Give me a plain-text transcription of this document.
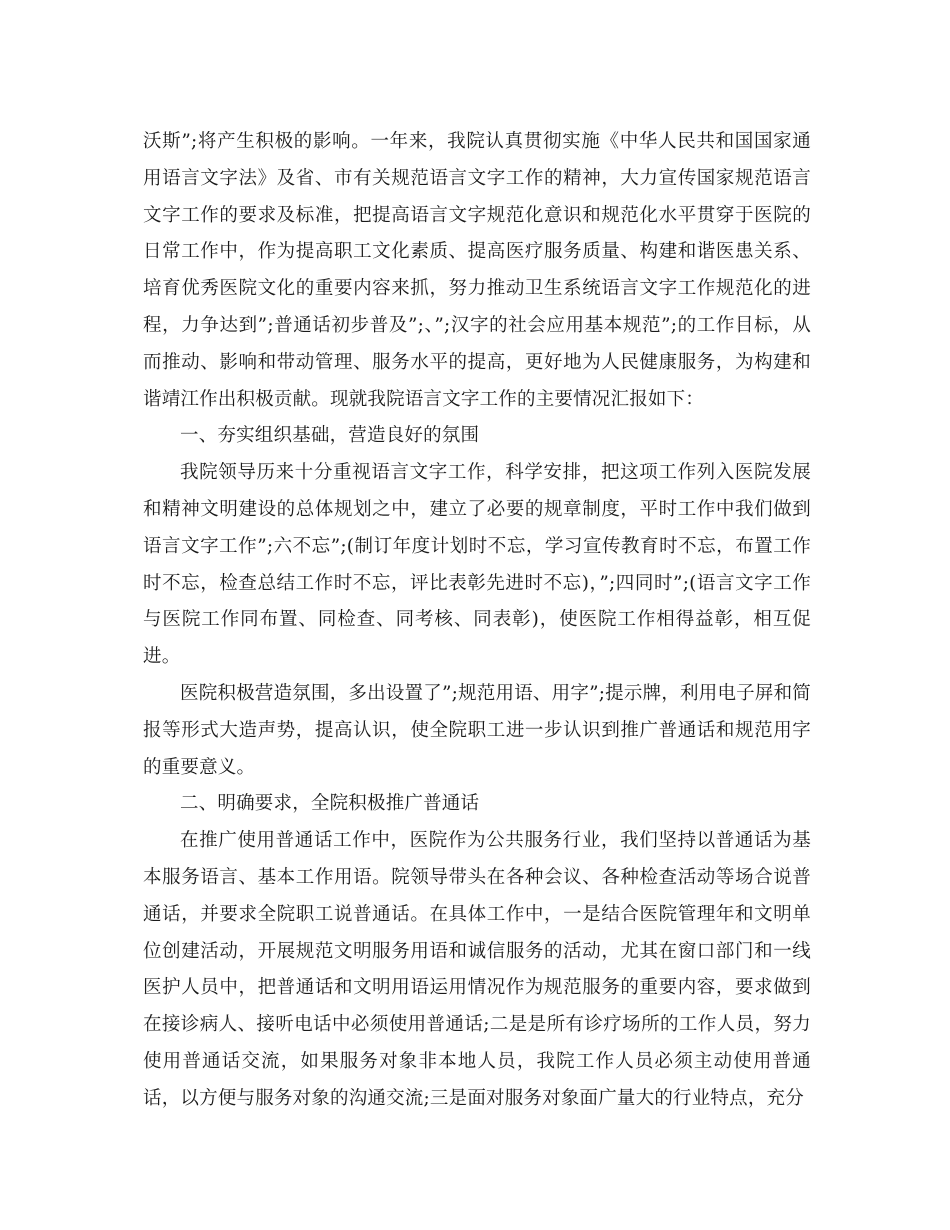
沃斯”;将产生积极的影响。一年来，我院认真贯彻实施《中华人民共和国国家通用语言文字法》及省、市有关规范语言文字工作的精神，大力宣传国家规范语言文字工作的要求及标准，把提高语言文字规范化意识和规范化水平贯穿于医院的日常工作中，作为提高职工文化素质、提高医疗服务质量、构建和谐医患关系、培育优秀医院文化的重要内容来抓，努力推动卫生系统语言文字工作规范化的进程，力争达到”;普通话初步普及”;、”;汉字的社会应用基本规范”;的工作目标，从而推动、影响和带动管理、服务水平的提高，更好地为人民健康服务，为构建和谐靖江作出积极贡献。现就我院语言文字工作的主要情况汇报如下：

一、夯实组织基础，营造良好的氛围

我院领导历来十分重视语言文字工作，科学安排，把这项工作列入医院发展和精神文明建设的总体规划之中，建立了必要的规章制度，平时工作中我们做到语言文字工作”;六不忘”;(制订年度计划时不忘，学习宣传教育时不忘，布置工作时不忘，检查总结工作时不忘，评比表彰先进时不忘)，”;四同时”;(语言文字工作与医院工作同布置、同检查、同考核、同表彰)，使医院工作相得益彰，相互促进。

医院积极营造氛围，多出设置了”;规范用语、用字”;提示牌，利用电子屏和简报等形式大造声势，提高认识，使全院职工进一步认识到推广普通话和规范用字的重要意义。

二、明确要求，全院积极推广普通话

在推广使用普通话工作中，医院作为公共服务行业，我们坚持以普通话为基本服务语言、基本工作用语。院领导带头在各种会议、各种检查活动等场合说普通话，并要求全院职工说普通话。在具体工作中，一是结合医院管理年和文明单位创建活动，开展规范文明服务用语和诚信服务的活动，尤其在窗口部门和一线医护人员中，把普通话和文明用语运用情况作为规范服务的重要内容，要求做到在接诊病人、接听电话中必须使用普通话;二是是所有诊疗场所的工作人员，努力使用普通话交流，如果服务对象非本地人员，我院工作人员必须主动使用普通话，以方便与服务对象的沟通交流;三是面对服务对象面广量大的行业特点，充分
